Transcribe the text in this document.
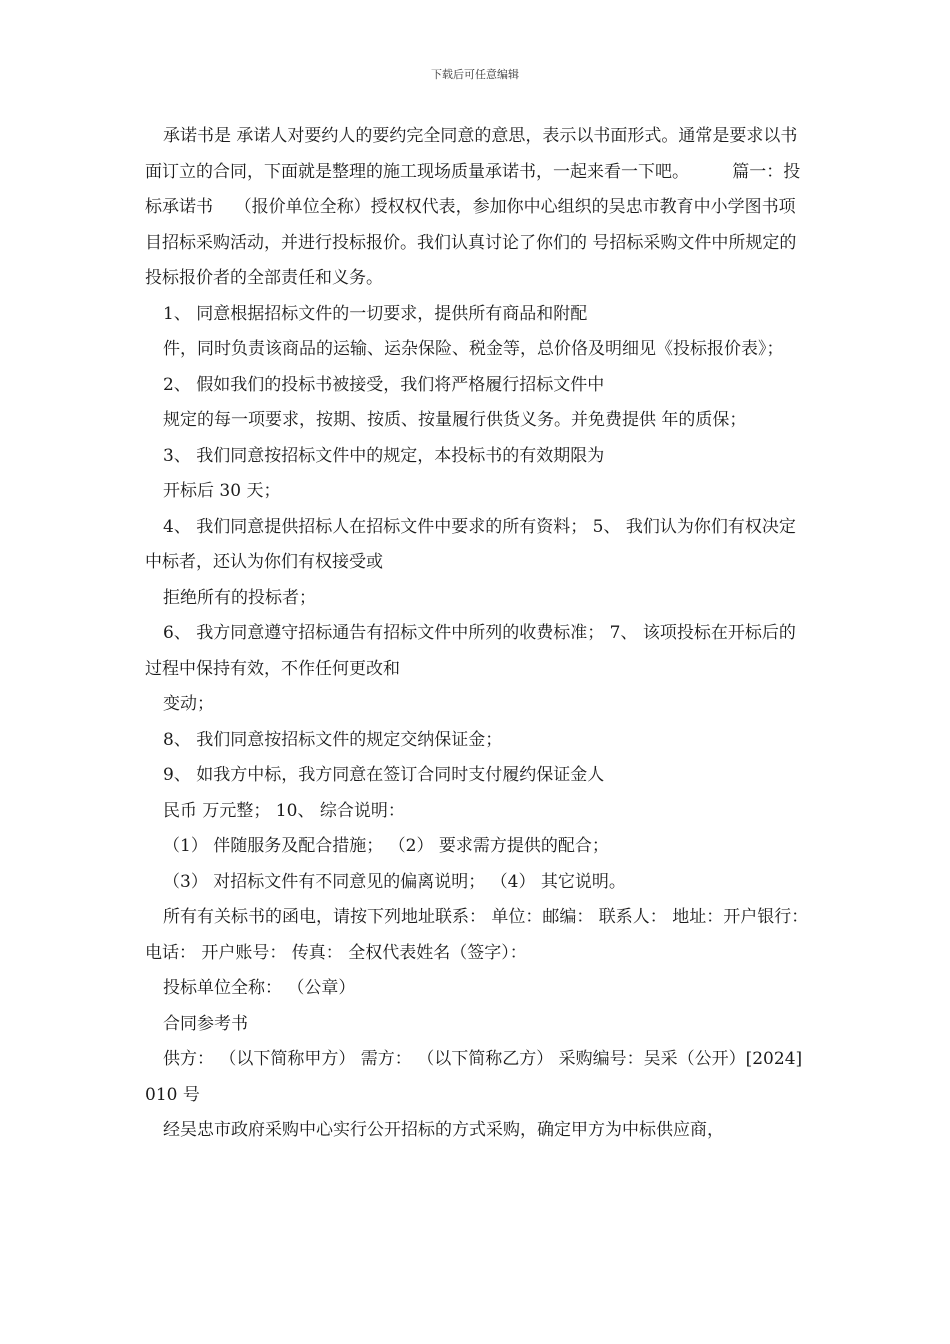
下载后可任意编辑

承诺书是 承诺人对要约人的要约完全同意的意思，表示以书面形式。通常是要求以书面订立的合同，下面就是整理的施工现场质量承诺书，一起来看一下吧。        篇一：投标承诺书    （报价单位全称）授权权代表，参加你中心组织的吴忠市教育中小学图书项目招标采购活动，并进行投标报价。我们认真讨论了你们的 号招标采购文件中所规定的投标报价者的全部责任和义务。

1、 同意根据招标文件的一切要求，提供所有商品和附配

件，同时负责该商品的运输、运杂保险、税金等，总价佫及明细见《投标报价表》；

2、 假如我们的投标书被接受，我们将严格履行招标文件中

规定的每一项要求，按期、按质、按量履行供货义务。并免费提供 年的质保；

3、 我们同意按招标文件中的规定，本投标书的有效期限为

开标后 30 天；

4、 我们同意提供招标人在招标文件中要求的所有资料； 5、 我们认为你们有权决定中标者，还认为你们有权接受或

拒绝所有的投标者；

6、 我方同意遵守招标通告有招标文件中所列的收费标准； 7、 该项投标在开标后的过程中保持有效，不作任何更改和

变动；

8、 我们同意按招标文件的规定交纳保证金；

9、 如我方中标，我方同意在签订合同时支付履约保证金人

民币 万元整； 10、 综合说明：

（1） 伴随服务及配合措施； （2） 要求需方提供的配合；

（3） 对招标文件有不同意见的偏离说明； （4） 其它说明。

所有有关标书的函电，请按下列地址联系： 单位：邮编： 联系人： 地址：开户银行： 电话： 开户账号： 传真： 全权代表姓名（签字）：

投标单位全称： （公章）

合同参考书

供方： （以下简称甲方） 需方： （以下简称乙方） 采购编号：吴采（公开）[2024]010 号

经吴忠市政府采购中心实行公开招标的方式采购，确定甲方为中标供应商，
